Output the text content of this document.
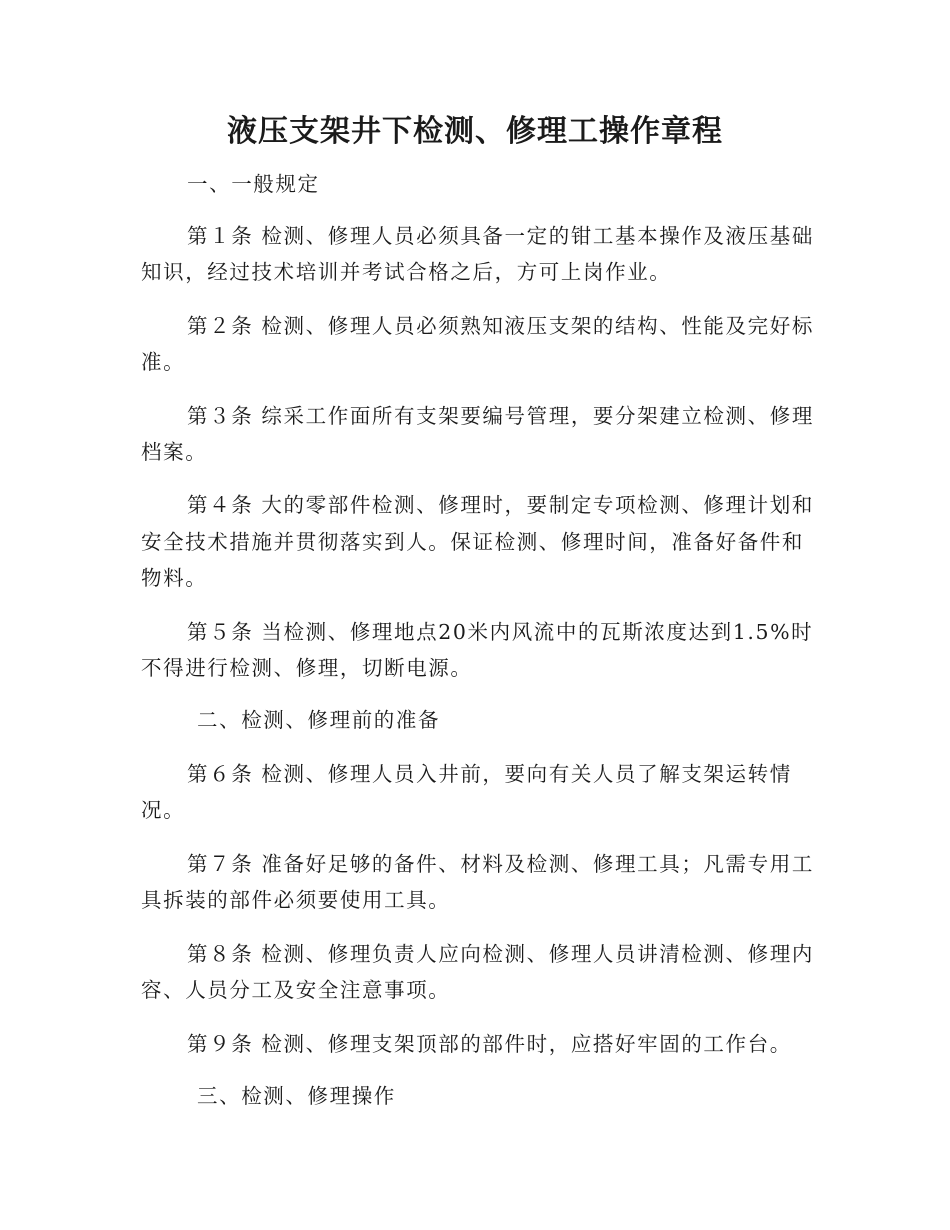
液压支架井下检测、修理工操作章程

一、一般规定

第１条 检测、修理人员必须具备一定的钳工基本操作及液压基础

知识，经过技术培训并考试合格之后，方可上岗作业。

第２条 检测、修理人员必须熟知液压支架的结构、性能及完好标

准。

第３条 综采工作面所有支架要编号管理，要分架建立检测、修理

档案。

第４条 大的零部件检测、修理时，要制定专项检测、修理计划和

安全技术措施并贯彻落实到人。保证检测、修理时间，准备好备件和

物料。

第５条 当检测、修理地点20米内风流中的瓦斯浓度达到1.5%时

不得进行检测、修理，切断电源。

二、检测、修理前的准备

第６条 检测、修理人员入井前，要向有关人员了解支架运转情

况。

第７条 准备好足够的备件、材料及检测、修理工具；凡需专用工

具拆装的部件必须要使用工具。

第８条 检测、修理负责人应向检测、修理人员讲清检测、修理内

容、人员分工及安全注意事项。

第９条 检测、修理支架顶部的部件时，应搭好牢固的工作台。

三、检测、修理操作
